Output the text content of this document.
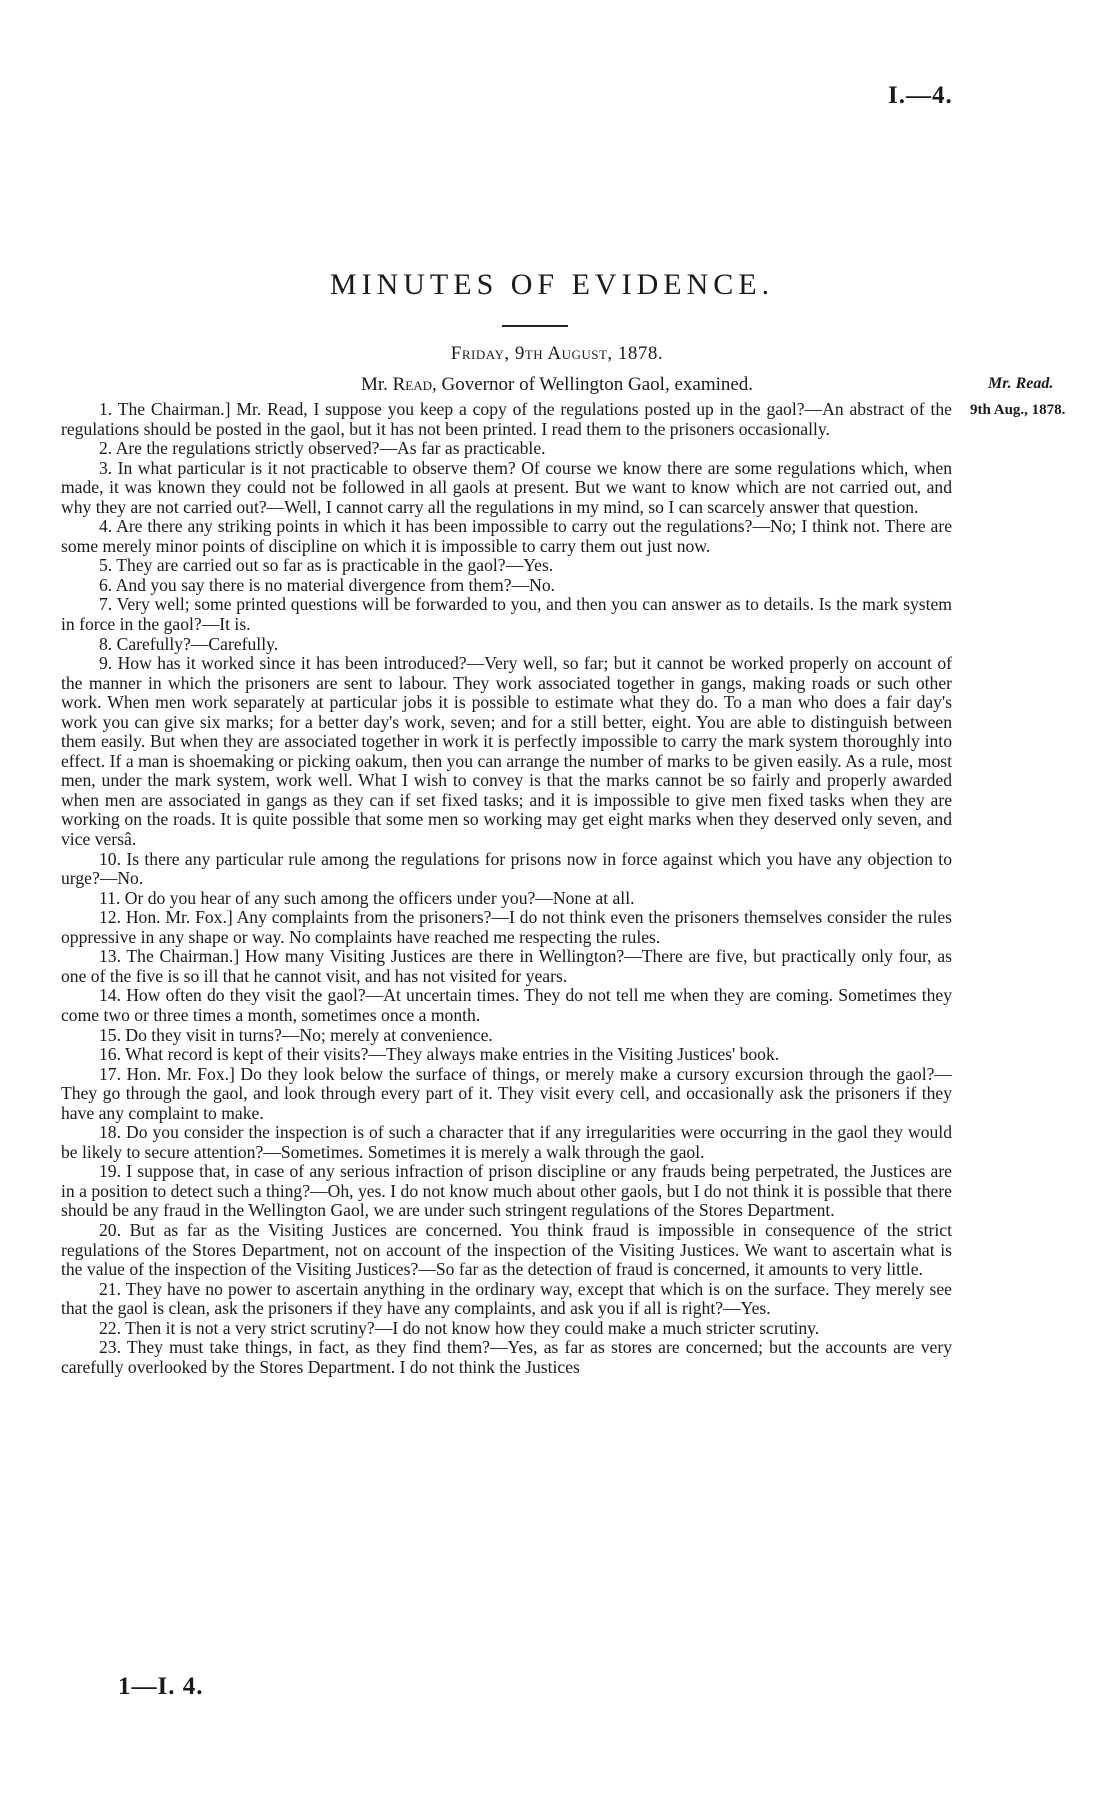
I.—4.
MINUTES OF EVIDENCE.
Friday, 9th August, 1878.
Mr. Read, Governor of Wellington Gaol, examined.	Mr. Read.
9th Aug., 1878.

1. The Chairman.] Mr. Read, I suppose you keep a copy of the regulations posted up in the gaol?—An abstract of the regulations should be posted in the gaol, but it has not been printed. I read them to the prisoners occasionally.

2. Are the regulations strictly observed?—As far as practicable.

3. In what particular is it not practicable to observe them? Of course we know there are some regulations which, when made, it was known they could not be followed in all gaols at present. But we want to know which are not carried out, and why they are not carried out?—Well, I cannot carry all the regulations in my mind, so I can scarcely answer that question.

4. Are there any striking points in which it has been impossible to carry out the regulations?—No; I think not. There are some merely minor points of discipline on which it is impossible to carry them out just now.

5. They are carried out so far as is practicable in the gaol?—Yes.

6. And you say there is no material divergence from them?—No.

7. Very well; some printed questions will be forwarded to you, and then you can answer as to details. Is the mark system in force in the gaol?—It is.

8. Carefully?—Carefully.

9. How has it worked since it has been introduced?—Very well, so far; but it cannot be worked properly on account of the manner in which the prisoners are sent to labour. They work associated together in gangs, making roads or such other work. When men work separately at particular jobs it is possible to estimate what they do. To a man who does a fair day's work you can give six marks; for a better day's work, seven; and for a still better, eight. You are able to distinguish between them easily. But when they are associated together in work it is perfectly impossible to carry the mark system thoroughly into effect. If a man is shoemaking or picking oakum, then you can arrange the number of marks to be given easily. As a rule, most men, under the mark system, work well. What I wish to convey is that the marks cannot be so fairly and properly awarded when men are associated in gangs as they can if set fixed tasks; and it is impossible to give men fixed tasks when they are working on the roads. It is quite possible that some men so working may get eight marks when they deserved only seven, and vice versâ.

10. Is there any particular rule among the regulations for prisons now in force against which you have any objection to urge?—No.

11. Or do you hear of any such among the officers under you?—None at all.

12. Hon. Mr. Fox.] Any complaints from the prisoners?—I do not think even the prisoners themselves consider the rules oppressive in any shape or way. No complaints have reached me respecting the rules.

13. The Chairman.] How many Visiting Justices are there in Wellington?—There are five, but practically only four, as one of the five is so ill that he cannot visit, and has not visited for years.

14. How often do they visit the gaol?—At uncertain times. They do not tell me when they are coming. Sometimes they come two or three times a month, sometimes once a month.

15. Do they visit in turns?—No; merely at convenience.

16. What record is kept of their visits?—They always make entries in the Visiting Justices' book.

17. Hon. Mr. Fox.] Do they look below the surface of things, or merely make a cursory excursion through the gaol?—They go through the gaol, and look through every part of it. They visit every cell, and occasionally ask the prisoners if they have any complaint to make.

18. Do you consider the inspection is of such a character that if any irregularities were occurring in the gaol they would be likely to secure attention?—Sometimes. Sometimes it is merely a walk through the gaol.

19. I suppose that, in case of any serious infraction of prison discipline or any frauds being perpetrated, the Justices are in a position to detect such a thing?—Oh, yes. I do not know much about other gaols, but I do not think it is possible that there should be any fraud in the Wellington Gaol, we are under such stringent regulations of the Stores Department.

20. But as far as the Visiting Justices are concerned. You think fraud is impossible in consequence of the strict regulations of the Stores Department, not on account of the inspection of the Visiting Justices. We want to ascertain what is the value of the inspection of the Visiting Justices?—So far as the detection of fraud is concerned, it amounts to very little.

21. They have no power to ascertain anything in the ordinary way, except that which is on the surface. They merely see that the gaol is clean, ask the prisoners if they have any complaints, and ask you if all is right?—Yes.

22. Then it is not a very strict scrutiny?—I do not know how they could make a much stricter scrutiny.

23. They must take things, in fact, as they find them?—Yes, as far as stores are concerned; but the accounts are very carefully overlooked by the Stores Department. I do not think the Justices

1—I. 4.
